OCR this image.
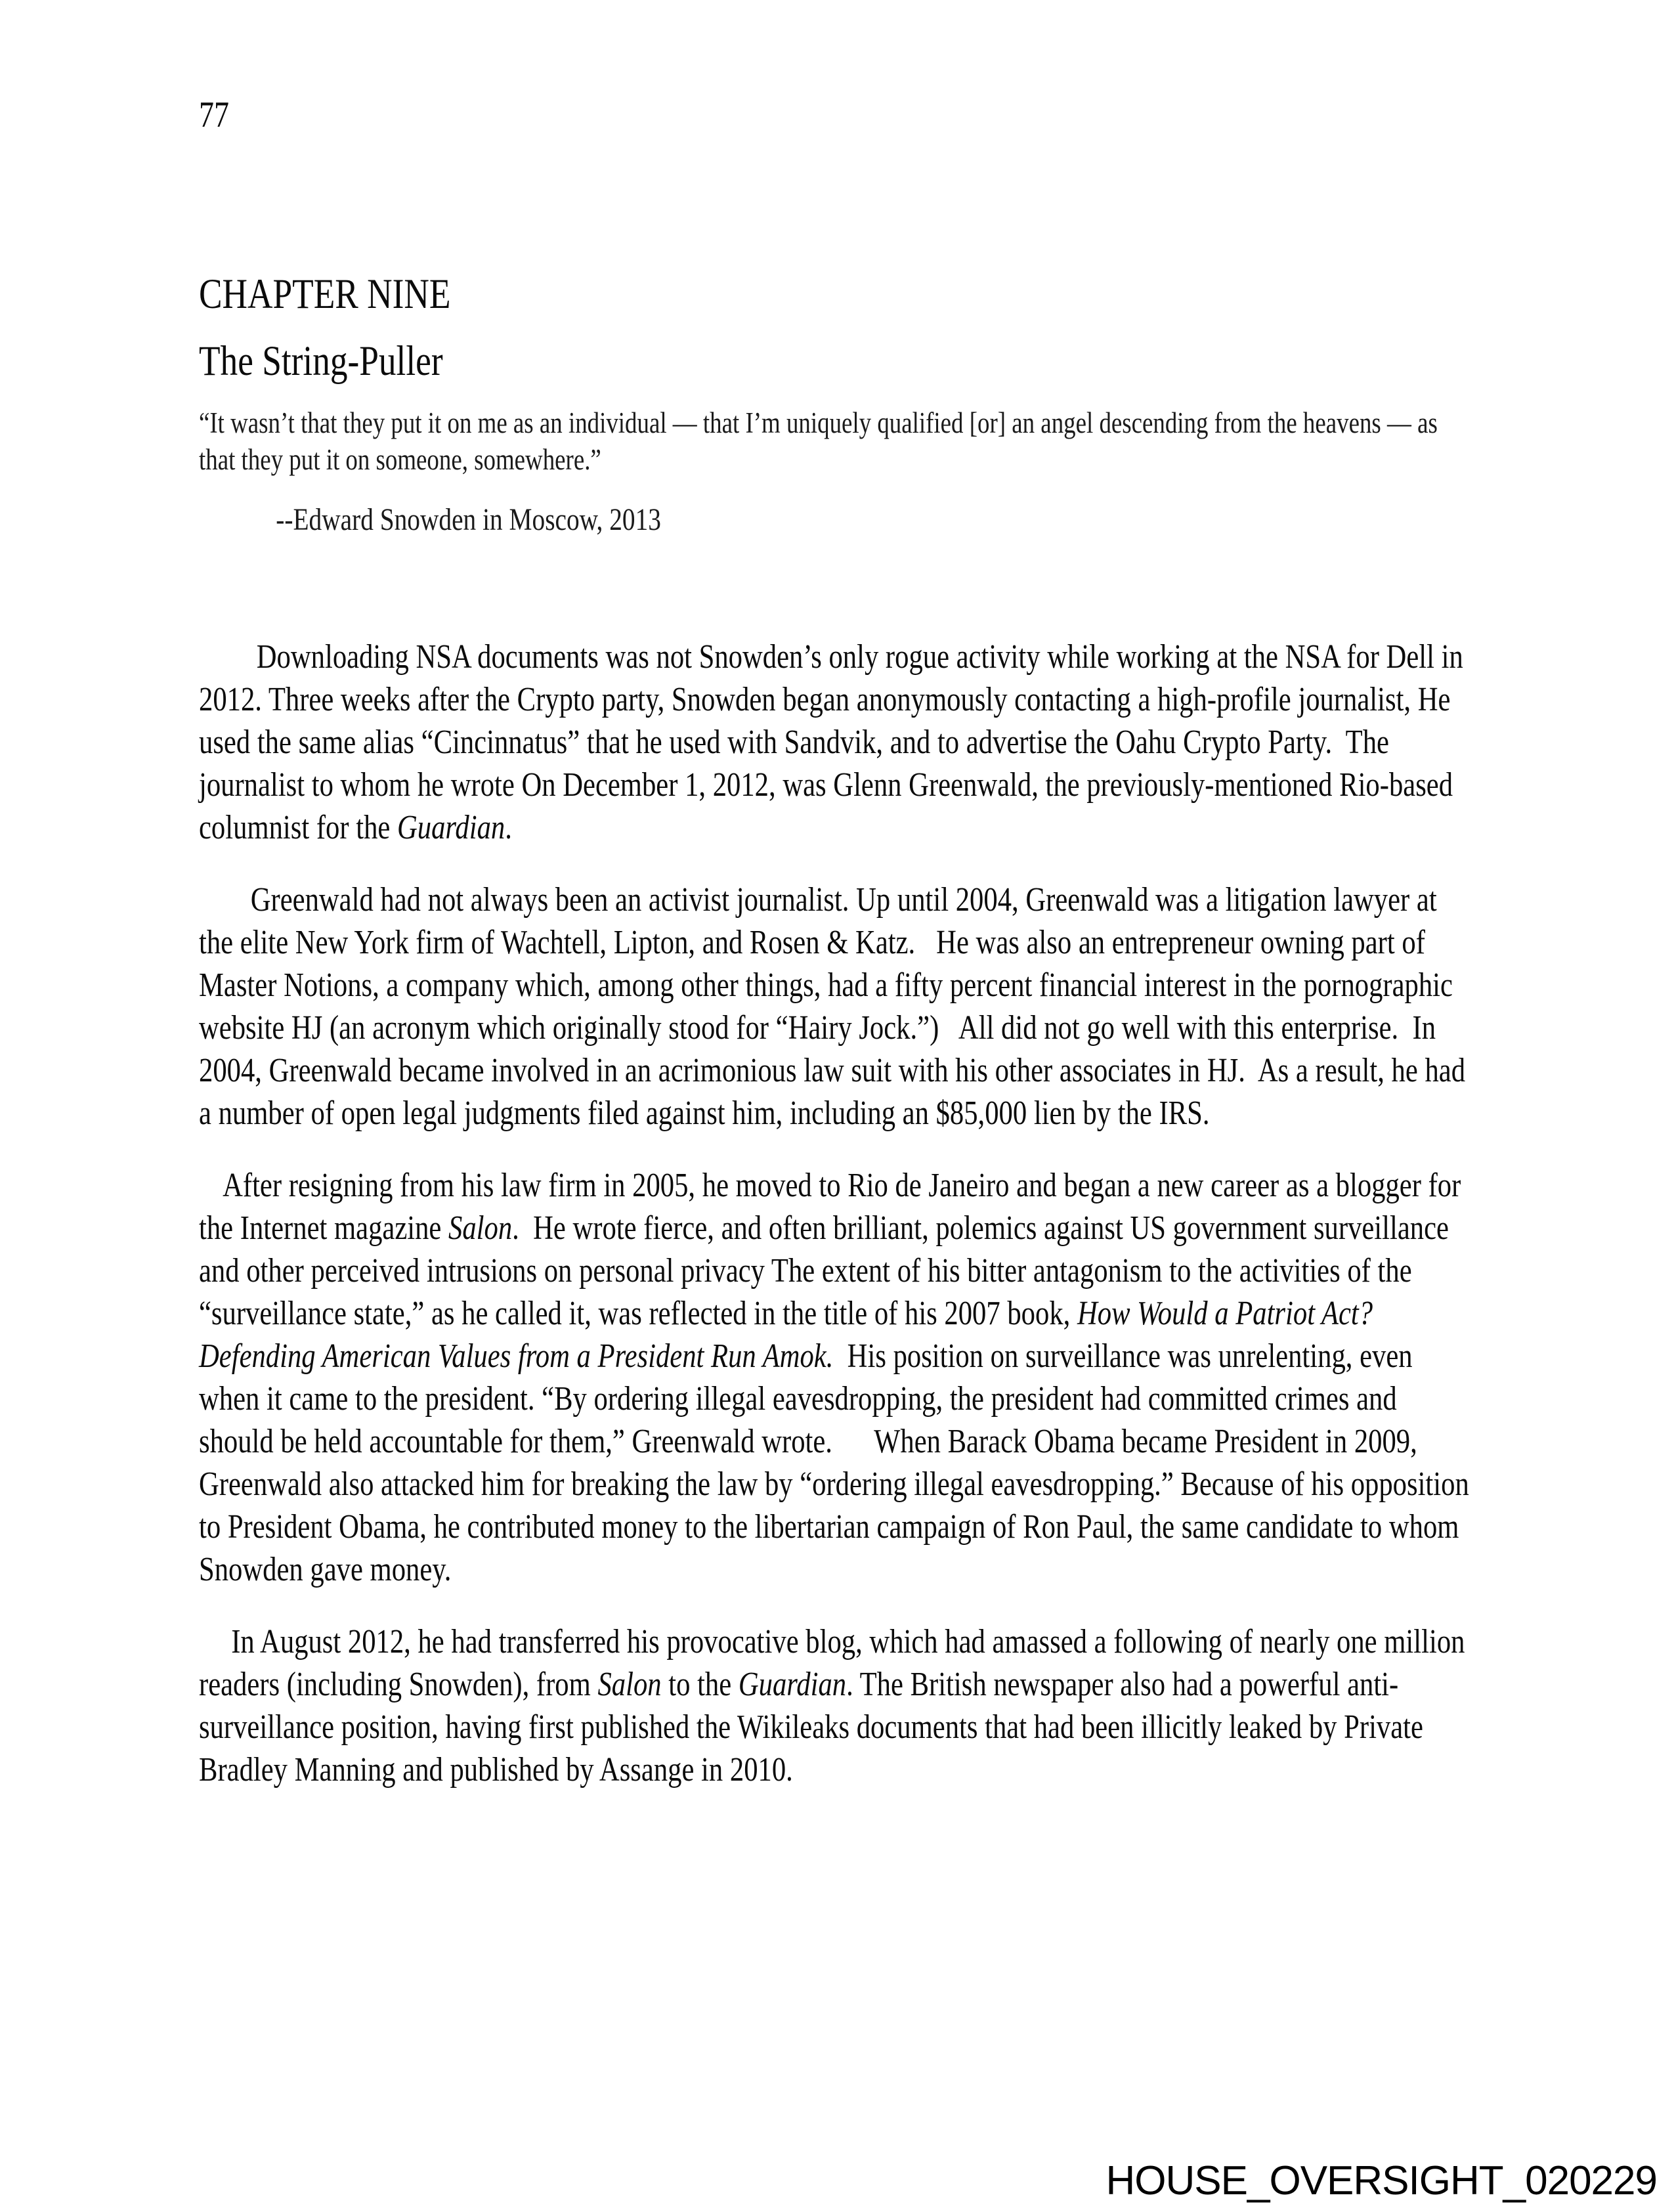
77
CHAPTER NINE
The String-Puller
“It wasn’t that they put it on me as an individual — that I’m uniquely qualified [or] an angel descending from the heavens — as that they put it on someone, somewhere.”
--Edward Snowden in Moscow, 2013

Downloading NSA documents was not Snowden’s only rogue activity while working at the NSA for Dell in 2012. Three weeks after the Crypto party, Snowden began anonymously contacting a high-profile journalist, He used the same alias “Cincinnatus” that he used with Sandvik, and to advertise the Oahu Crypto Party.  The journalist to whom he wrote On December 1, 2012, was Glenn Greenwald, the previously-mentioned Rio-based columnist for the Guardian.

Greenwald had not always been an activist journalist. Up until 2004, Greenwald was a litigation lawyer at the elite New York firm of Wachtell, Lipton, and Rosen & Katz.   He was also an entrepreneur owning part of Master Notions, a company which, among other things, had a fifty percent financial interest in the pornographic website HJ (an acronym which originally stood for “Hairy Jock.”)   All did not go well with this enterprise.  In 2004, Greenwald became involved in an acrimonious law suit with his other associates in HJ.  As a result, he had a number of open legal judgments filed against him, including an $85,000 lien by the IRS.

After resigning from his law firm in 2005, he moved to Rio de Janeiro and began a new career as a blogger for the Internet magazine Salon.  He wrote fierce, and often brilliant, polemics against US government surveillance and other perceived intrusions on personal privacy The extent of his bitter antagonism to the activities of the “surveillance state,” as he called it, was reflected in the title of his 2007 book, How Would a Patriot Act? Defending American Values from a President Run Amok.  His position on surveillance was unrelenting, even when it came to the president. “By ordering illegal eavesdropping, the president had committed crimes and should be held accountable for them,” Greenwald wrote.      When Barack Obama became President in 2009, Greenwald also attacked him for breaking the law by “ordering illegal eavesdropping.” Because of his opposition to President Obama, he contributed money to the libertarian campaign of Ron Paul, the same candidate to whom Snowden gave money.

In August 2012, he had transferred his provocative blog, which had amassed a following of nearly one million readers (including Snowden), from Salon to the Guardian. The British newspaper also had a powerful anti-surveillance position, having first published the Wikileaks documents that had been illicitly leaked by Private Bradley Manning and published by Assange in 2010.

HOUSE_OVERSIGHT_020229
